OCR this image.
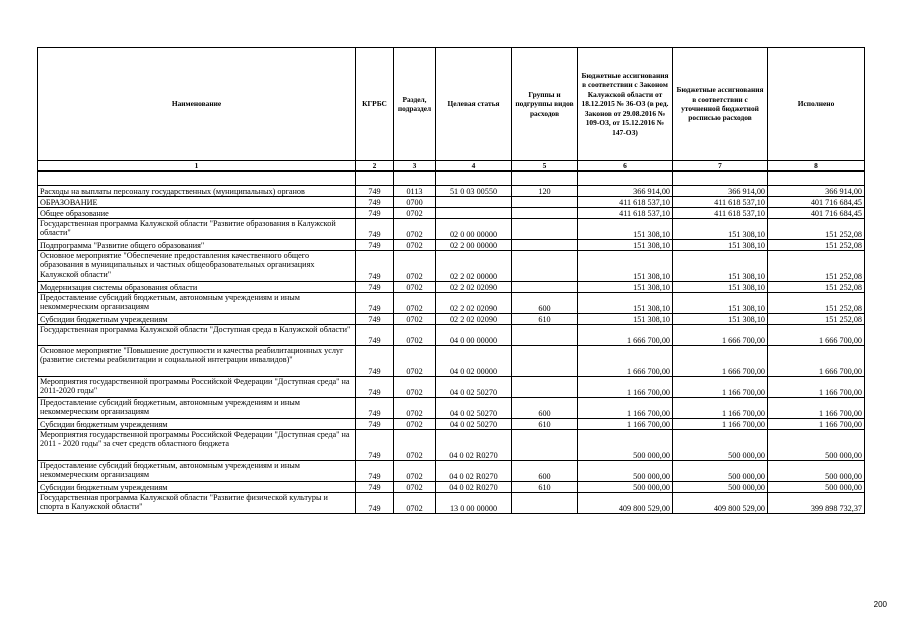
Наименование	КГРБС	Раздел, подраздел	Целевая статья	Группы и подгруппы видов расходов	Бюджетные ассигнования в соответствии с Законом Калужской области от 18.12.2015 № 36-ОЗ (в ред. Законов от 29.08.2016 № 109-ОЗ, от 15.12.2016 № 147-ОЗ)	Бюджетные ассигнования в соответствии с уточненной бюджетной росписью расходов	Исполнено
1	2	3	4	5	6	7	8

Расходы на выплаты персоналу государственных (муниципальных) органов	749	0113	51 0 03 00550	120	366 914,00	366 914,00	366 914,00
ОБРАЗОВАНИЕ	749	0700			411 618 537,10	411 618 537,10	401 716 684,45
Общее образование	749	0702			411 618 537,10	411 618 537,10	401 716 684,45
Государственная программа Калужской области "Развитие образования в Калужской области"	749	0702	02 0 00 00000		151 308,10	151 308,10	151 252,08
Подпрограмма "Развитие общего образования"	749	0702	02 2 00 00000		151 308,10	151 308,10	151 252,08
Основное мероприятие "Обеспечение предоставления качественного общего образования в муниципальных и частных общеобразовательных организациях Калужской области"	749	0702	02 2 02 00000		151 308,10	151 308,10	151 252,08
Модернизация системы образования области	749	0702	02 2 02 02090		151 308,10	151 308,10	151 252,08
Предоставление субсидий бюджетным, автономным учреждениям и иным некоммерческим организациям	749	0702	02 2 02 02090	600	151 308,10	151 308,10	151 252,08
Субсидии бюджетным учреждениям	749	0702	02 2 02 02090	610	151 308,10	151 308,10	151 252,08
Государственная программа Калужской области "Доступная среда в Калужской области"	749	0702	04 0 00 00000		1 666 700,00	1 666 700,00	1 666 700,00
Основное мероприятие "Повышение доступности и качества реабилитационных услуг (развитие системы реабилитации и социальной интеграции инвалидов)"	749	0702	04 0 02 00000		1 666 700,00	1 666 700,00	1 666 700,00
Мероприятия государственной программы Российской Федерации "Доступная среда" на 2011-2020 годы"	749	0702	04 0 02 50270		1 166 700,00	1 166 700,00	1 166 700,00
Предоставление субсидий бюджетным, автономным учреждениям и иным некоммерческим организациям	749	0702	04 0 02 50270	600	1 166 700,00	1 166 700,00	1 166 700,00
Субсидии бюджетным учреждениям	749	0702	04 0 02 50270	610	1 166 700,00	1 166 700,00	1 166 700,00
Мероприятия государственной программы Российской Федерации "Доступная среда" на 2011 - 2020 годы" за счет средств областного бюджета	749	0702	04 0 02 R0270		500 000,00	500 000,00	500 000,00
Предоставление субсидий бюджетным, автономным учреждениям и иным некоммерческим организациям	749	0702	04 0 02 R0270	600	500 000,00	500 000,00	500 000,00
Субсидии бюджетным учреждениям	749	0702	04 0 02 R0270	610	500 000,00	500 000,00	500 000,00
Государственная программа Калужской области "Развитие физической культуры и спорта в Калужской области"	749	0702	13 0 00 00000		409 800 529,00	409 800 529,00	399 898 732,37
200
